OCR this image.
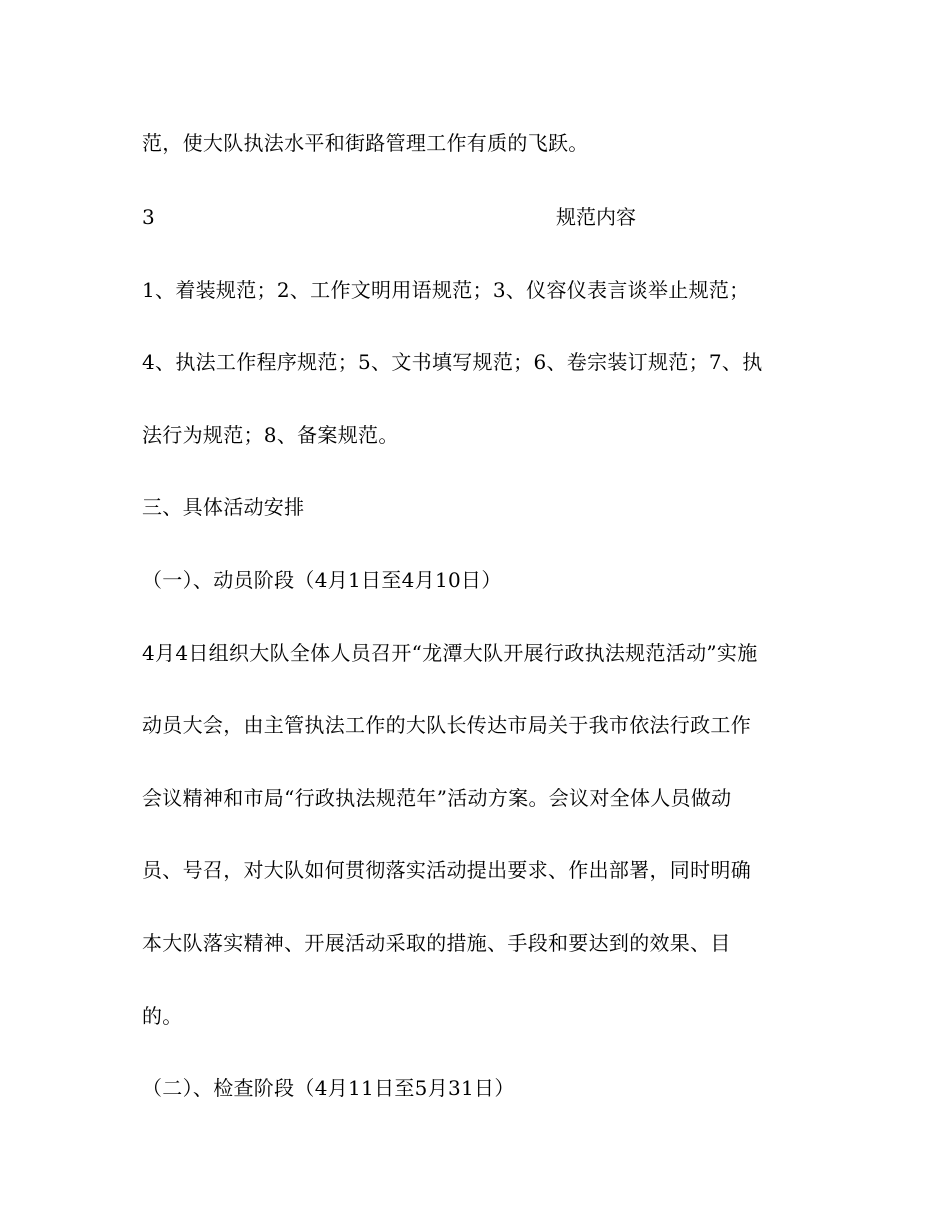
范，使大队执法水平和街路管理工作有质的飞跃。
3	规范内容
1、着装规范；2、工作文明用语规范；3、仪容仪表言谈举止规范；
4、执法工作程序规范；5、文书填写规范；6、卷宗装订规范；7、执
法行为规范；8、备案规范。
三、具体活动安排
（一）、动员阶段（4月1日至4月10日）
4月4日组织大队全体人员召开“龙潭大队开展行政执法规范活动”实施
动员大会，由主管执法工作的大队长传达市局关于我市依法行政工作
会议精神和市局“行政执法规范年”活动方案。会议对全体人员做动
员、号召，对大队如何贯彻落实活动提出要求、作出部署，同时明确
本大队落实精神、开展活动采取的措施、手段和要达到的效果、目
的。
（二）、检查阶段（4月11日至5月31日）
